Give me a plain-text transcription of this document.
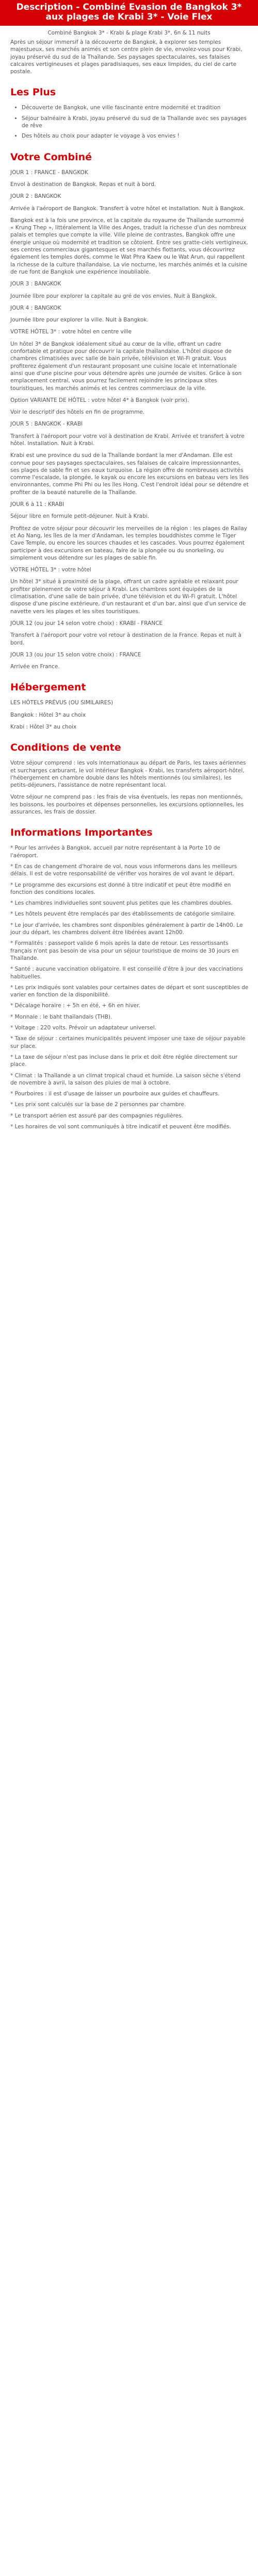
Description - Combiné Evasion de Bangkok 3* aux plages de Krabi 3* - Voie Flex
Combiné Bangkok 3* - Krabi & plage Krabi 3*, 6n & 11 nuits

Après un séjour immersif à la découverte de Bangkok, à explorer ses temples majestueux, ses marchés animés et son centre plein de vie, envolez-vous pour Krabi, joyau préservé du sud de la Thaïlande. Ses paysages spectaculaires, ses falaises calcaires vertigineuses et plages paradisiaques, ses eaux limpides, du ciel de carte postale.

Les Plus
• Découverte de Bangkok, une ville fascinante entre modernité et tradition
• Séjour balnéaire à Krabi, joyau préservé du sud de la Thaïlande avec ses paysages de rêve
• Des hôtels au choix pour adapter le voyage à vos envies !
Votre Combiné

JOUR 1 : FRANCE - BANGKOK

Envol à destination de Bangkok. Repas et nuit à bord.

JOUR 2 : BANGKOK

Arrivée à l'aéroport de Bangkok. Transfert à votre hôtel et installation. Nuit à Bangkok.

Bangkok est à la fois une province, et la capitale du royaume de Thaïlande surnommé « Krung Thep », littéralement la Ville des Anges, traduit la richesse d'un des nombreux palais et temples que compte la ville. Ville pleine de contrastes, Bangkok offre une énergie unique où modernité et tradition se côtoient. Entre ses gratte-ciels vertigineux, ses centres commerciaux gigantesques et ses marchés flottants, vous découvrirez également les temples dorés, comme le Wat Phra Kaew ou le Wat Arun, qui rappellent la richesse de la culture thaïlandaise. La vie nocturne, les marchés animés et la cuisine de rue font de Bangkok une expérience inoubliable.

JOUR 3 : BANGKOK

Journée libre pour explorer la capitale au gré de vos envies. Nuit à Bangkok.

JOUR 4 : BANGKOK

Journée libre pour explorer la ville. Nuit à Bangkok.

VOTRE HÔTEL 3* : votre hôtel en centre ville

Un hôtel 3* de Bangkok idéalement situé au cœur de la ville, offrant un cadre confortable et pratique pour découvrir la capitale thaïlandaise. L'hôtel dispose de chambres climatisées avec salle de bain privée, télévision et Wi-Fi gratuit. Vous profiterez également d'un restaurant proposant une cuisine locale et internationale ainsi que d'une piscine pour vous détendre après une journée de visites. Grâce à son emplacement central, vous pourrez facilement rejoindre les principaux sites touristiques, les marchés animés et les centres commerciaux de la ville.

Option VARIANTE DE HÔTEL : votre hôtel 4* à Bangkok (voir prix).

Voir le descriptif des hôtels en fin de programme.

JOUR 5 : BANGKOK - KRABI

Transfert à l'aéroport pour votre vol à destination de Krabi. Arrivée et transfert à votre hôtel. Installation. Nuit à Krabi.

Krabi est une province du sud de la Thaïlande bordant la mer d'Andaman. Elle est connue pour ses paysages spectaculaires, ses falaises de calcaire impressionnantes, ses plages de sable fin et ses eaux turquoise. La région offre de nombreuses activités comme l'escalade, la plongée, le kayak ou encore les excursions en bateau vers les îles environnantes, comme Phi Phi ou les îles Hong. C'est l'endroit idéal pour se détendre et profiter de la beauté naturelle de la Thaïlande.

JOUR 6 à 11 : KRABI

Séjour libre en formule petit-déjeuner. Nuit à Krabi.

Profitez de votre séjour pour découvrir les merveilles de la région : les plages de Railay et Ao Nang, les îles de la mer d'Andaman, les temples bouddhistes comme le Tiger Cave Temple, ou encore les sources chaudes et les cascades. Vous pourrez également participer à des excursions en bateau, faire de la plongée ou du snorkeling, ou simplement vous détendre sur les plages de sable fin.

VOTRE HÔTEL 3* : votre hôtel

Un hôtel 3* situé à proximité de la plage, offrant un cadre agréable et relaxant pour profiter pleinement de votre séjour à Krabi. Les chambres sont équipées de la climatisation, d'une salle de bain privée, d'une télévision et du Wi-Fi gratuit. L'hôtel dispose d'une piscine extérieure, d'un restaurant et d'un bar, ainsi que d'un service de navette vers les plages et les sites touristiques.

JOUR 12 (ou jour 14 selon votre choix) : KRABI - FRANCE

Transfert à l'aéroport pour votre vol retour à destination de la France. Repas et nuit à bord.

JOUR 13 (ou jour 15 selon votre choix) : FRANCE

Arrivée en France.

Hébergement

LES HÔTELS PRÉVUS (OU SIMILAIRES)

Bangkok : Hôtel 3* au choix

Krabi : Hôtel 3* au choix

Conditions de vente

Votre séjour comprend : les vols internationaux au départ de Paris, les taxes aériennes et surcharges carburant, le vol intérieur Bangkok - Krabi, les transferts aéroport-hôtel, l'hébergement en chambre double dans les hôtels mentionnés (ou similaires), les petits-déjeuners, l'assistance de notre représentant local.

Votre séjour ne comprend pas : les frais de visa éventuels, les repas non mentionnés, les boissons, les pourboires et dépenses personnelles, les excursions optionnelles, les assurances, les frais de dossier.

Informations Importantes

* Pour les arrivées à Bangkok, accueil par notre représentant à la Porte 10 de l'aéroport.

* En cas de changement d'horaire de vol, nous vous informerons dans les meilleurs délais. Il est de votre responsabilité de vérifier vos horaires de vol avant le départ.

* Le programme des excursions est donné à titre indicatif et peut être modifié en fonction des conditions locales.

* Les chambres individuelles sont souvent plus petites que les chambres doubles.

* Les hôtels peuvent être remplacés par des établissements de catégorie similaire.

* Le jour d'arrivée, les chambres sont disponibles généralement à partir de 14h00. Le jour du départ, les chambres doivent être libérées avant 12h00.

* Formalités : passeport valide 6 mois après la date de retour. Les ressortissants français n'ont pas besoin de visa pour un séjour touristique de moins de 30 jours en Thaïlande.

* Santé : aucune vaccination obligatoire. Il est conseillé d'être à jour des vaccinations habituelles.

* Les prix indiqués sont valables pour certaines dates de départ et sont susceptibles de varier en fonction de la disponibilité.

* Décalage horaire : + 5h en été, + 6h en hiver.

* Monnaie : le baht thaïlandais (THB).

* Voltage : 220 volts. Prévoir un adaptateur universel.

* Taxe de séjour : certaines municipalités peuvent imposer une taxe de séjour payable sur place.

* La taxe de séjour n'est pas incluse dans le prix et doit être réglée directement sur place.

* Climat : la Thaïlande a un climat tropical chaud et humide. La saison sèche s'étend de novembre à avril, la saison des pluies de mai à octobre.

* Pourboires : il est d'usage de laisser un pourboire aux guides et chauffeurs.

* Les prix sont calculés sur la base de 2 personnes par chambre.

* Le transport aérien est assuré par des compagnies régulières.

* Les horaires de vol sont communiqués à titre indicatif et peuvent être modifiés.
